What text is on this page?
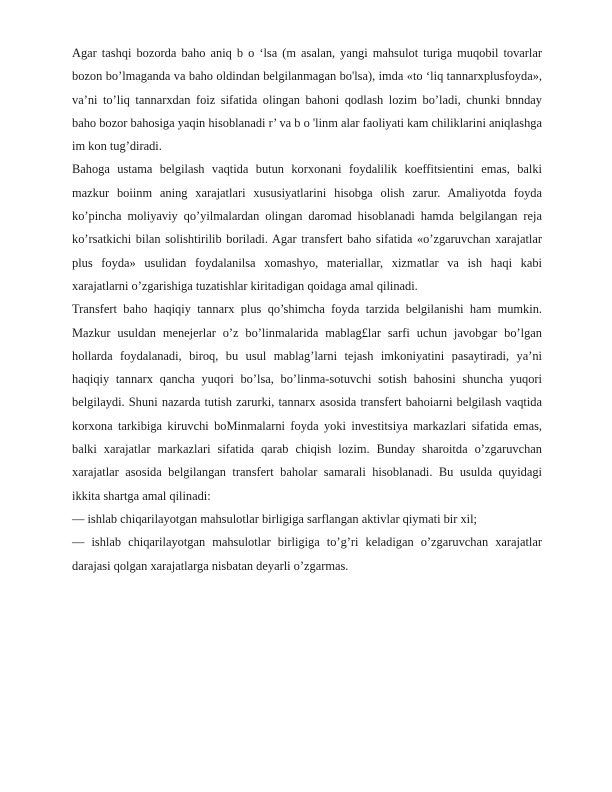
Agar tashqi bozorda baho aniq b o ‘lsa (m asalan, yangi mahsulot turiga muqobil tovarlar bozon bo’lmaganda va baho oldindan belgilanmagan bo'lsa), imda «to ‘liq tannarxplusfoyda», va’ni to’liq tannarxdan foiz sifatida olingan bahoni qodlash lozim bo’ladi, chunki bnnday baho bozor bahosiga yaqin hisoblanadi r’ va b o 'linm alar faoliyati kam chiliklarini aniqlashga im kon tug’diradi.

Bahoga ustama belgilash vaqtida butun korxonani foydalilik koeffitsientini emas, balki mazkur boiinm aning xarajatlari xususiyatlarini hisobga olish zarur. Amaliyotda foyda ko’pincha moliyaviy qo’yilmalardan olingan daromad hisoblanadi hamda belgilangan reja ko’rsatkichi bilan solishtirilib boriladi. Agar transfert baho sifatida «o’zgaruvchan xarajatlar plus foyda» usulidan foydalanilsa xomashyo, materiallar, xizmatlar va ish haqi kabi xarajatlarni o’zgarishiga tuzatishlar kiritadigan qoidaga amal qilinadi.

Transfert baho haqiqiy tannarx plus qo’shimcha foyda tarzida belgilanishi ham mumkin. Mazkur usuldan menejerlar o’z bo’linmalarida mablag£lar sarfi uchun javobgar bo’lgan hollarda foydalanadi, biroq, bu usul mablag’larni tejash imkoniyatini pasaytiradi, ya’ni haqiqiy tannarx qancha yuqori bo’lsa, bo’linma-sotuvchi sotish bahosini shuncha yuqori belgilaydi. Shuni nazarda tutish zarurki, tannarx asosida transfert bahoiarni belgilash vaqtida korxona tarkibiga kiruvchi boMinmalarni foyda yoki investitsiya markazlari sifatida emas, balki xarajatlar markazlari sifatida qarab chiqish lozim. Bunday sharoitda o’zgaruvchan xarajatlar asosida belgilangan transfert baholar samarali hisoblanadi. Bu usulda quyidagi ikkita shartga amal qilinadi:

— ishlab chiqarilayotgan mahsulotlar birligiga sarflangan aktivlar qiymati bir xil;

— ishlab chiqarilayotgan mahsulotlar birligiga to’g’ri keladigan o’zgaruvchan xarajatlar darajasi qolgan xarajatlarga nisbatan deyarli o’zgarmas.
